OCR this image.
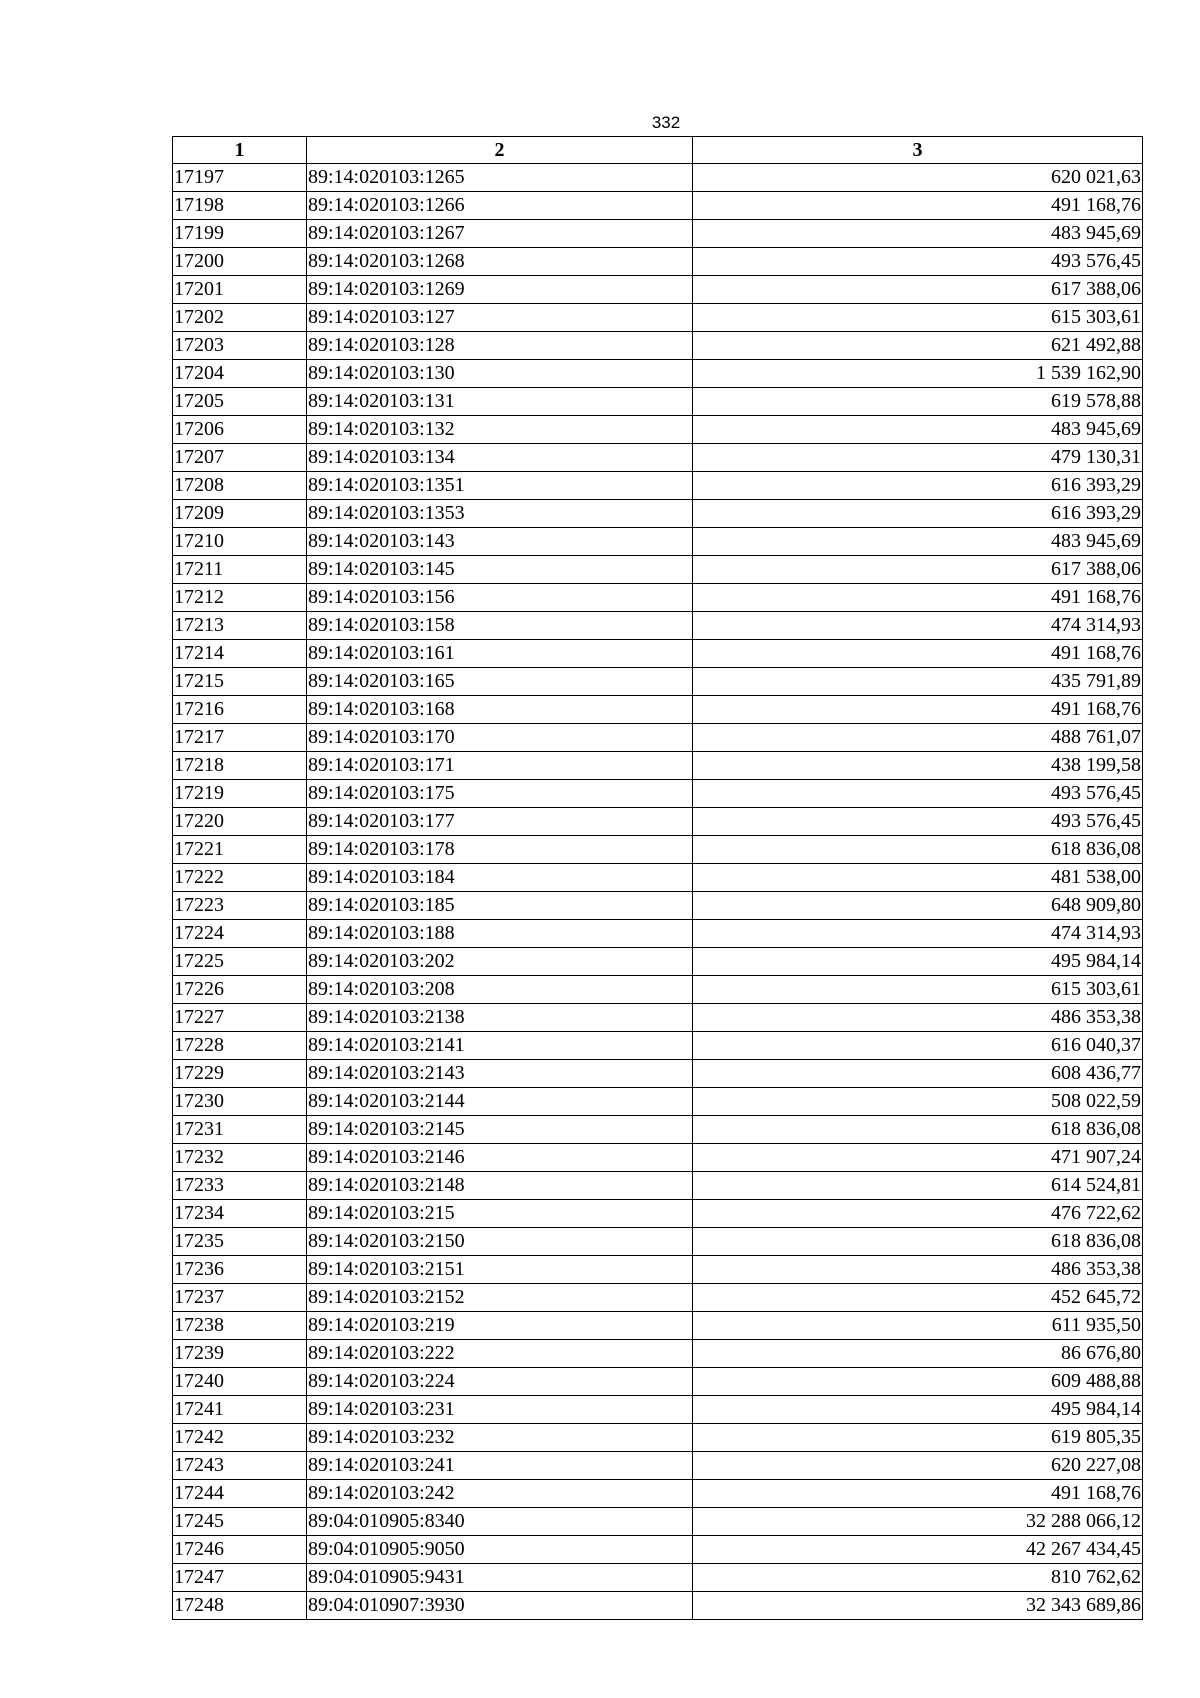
332
1	2	3
17197	89:14:020103:1265	620 021,63
17198	89:14:020103:1266	491 168,76
17199	89:14:020103:1267	483 945,69
17200	89:14:020103:1268	493 576,45
17201	89:14:020103:1269	617 388,06
17202	89:14:020103:127	615 303,61
17203	89:14:020103:128	621 492,88
17204	89:14:020103:130	1 539 162,90
17205	89:14:020103:131	619 578,88
17206	89:14:020103:132	483 945,69
17207	89:14:020103:134	479 130,31
17208	89:14:020103:1351	616 393,29
17209	89:14:020103:1353	616 393,29
17210	89:14:020103:143	483 945,69
17211	89:14:020103:145	617 388,06
17212	89:14:020103:156	491 168,76
17213	89:14:020103:158	474 314,93
17214	89:14:020103:161	491 168,76
17215	89:14:020103:165	435 791,89
17216	89:14:020103:168	491 168,76
17217	89:14:020103:170	488 761,07
17218	89:14:020103:171	438 199,58
17219	89:14:020103:175	493 576,45
17220	89:14:020103:177	493 576,45
17221	89:14:020103:178	618 836,08
17222	89:14:020103:184	481 538,00
17223	89:14:020103:185	648 909,80
17224	89:14:020103:188	474 314,93
17225	89:14:020103:202	495 984,14
17226	89:14:020103:208	615 303,61
17227	89:14:020103:2138	486 353,38
17228	89:14:020103:2141	616 040,37
17229	89:14:020103:2143	608 436,77
17230	89:14:020103:2144	508 022,59
17231	89:14:020103:2145	618 836,08
17232	89:14:020103:2146	471 907,24
17233	89:14:020103:2148	614 524,81
17234	89:14:020103:215	476 722,62
17235	89:14:020103:2150	618 836,08
17236	89:14:020103:2151	486 353,38
17237	89:14:020103:2152	452 645,72
17238	89:14:020103:219	611 935,50
17239	89:14:020103:222	86 676,80
17240	89:14:020103:224	609 488,88
17241	89:14:020103:231	495 984,14
17242	89:14:020103:232	619 805,35
17243	89:14:020103:241	620 227,08
17244	89:14:020103:242	491 168,76
17245	89:04:010905:8340	32 288 066,12
17246	89:04:010905:9050	42 267 434,45
17247	89:04:010905:9431	810 762,62
17248	89:04:010907:3930	32 343 689,86
